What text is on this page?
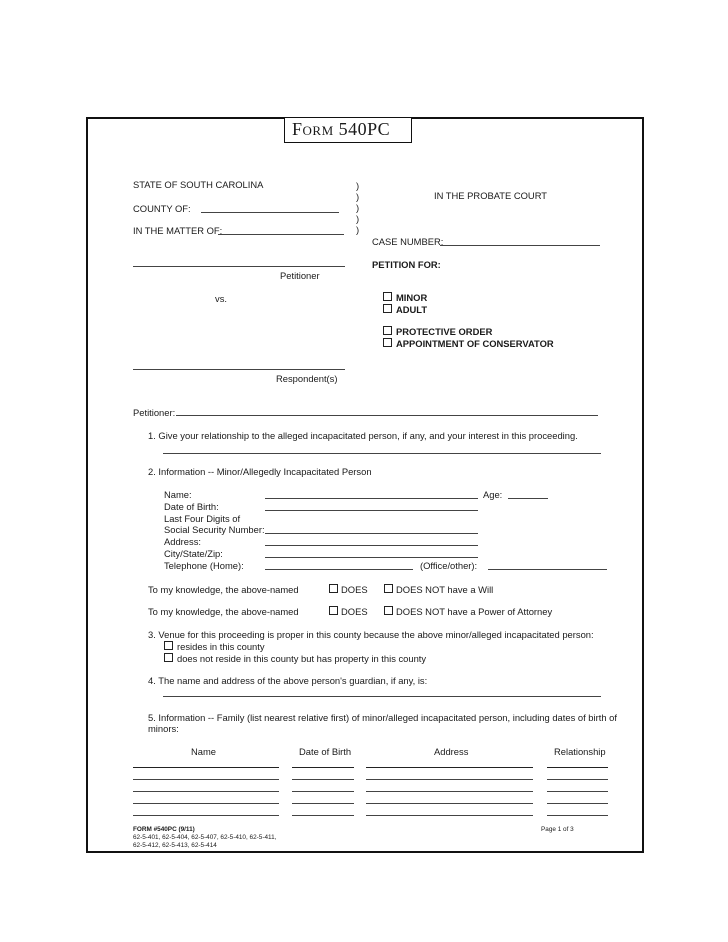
Form 540PC
STATE OF SOUTH CAROLINA
COUNTY OF:
IN THE MATTER OF:
)
)
)
)
)
IN THE PROBATE COURT
CASE NUMBER:
PETITION FOR:
Petitioner
vs.
Respondent(s)
MINOR
ADULT
PROTECTIVE ORDER
APPOINTMENT OF CONSERVATOR
Petitioner:
1. Give your relationship to the alleged incapacitated person, if any, and your interest in this proceeding.
2. Information -- Minor/Allegedly Incapacitated Person
Name:	Age:
Date of Birth:
Last Four Digits of
Social Security Number:
Address:
City/State/Zip:
Telephone (Home):	(Office/other):
To my knowledge, the above-named	DOES	DOES NOT have a Will
To my knowledge, the above-named	DOES	DOES NOT have a Power of Attorney
3. Venue for this proceeding is proper in this county because the above minor/alleged incapacitated person:
resides in this county
does not reside in this county but has property in this county
4. The name and address of the above person's guardian, if any, is:
5. Information -- Family (list nearest relative first) of minor/alleged incapacitated person, including dates of birth of
minors:
Name	Date of Birth	Address	Relationship
FORM #540PC (9/11)
62-5-401, 62-5-404, 62-5-407, 62-5-410, 62-5-411,
62-5-412, 62-5-413, 62-5-414
Page 1 of 3
